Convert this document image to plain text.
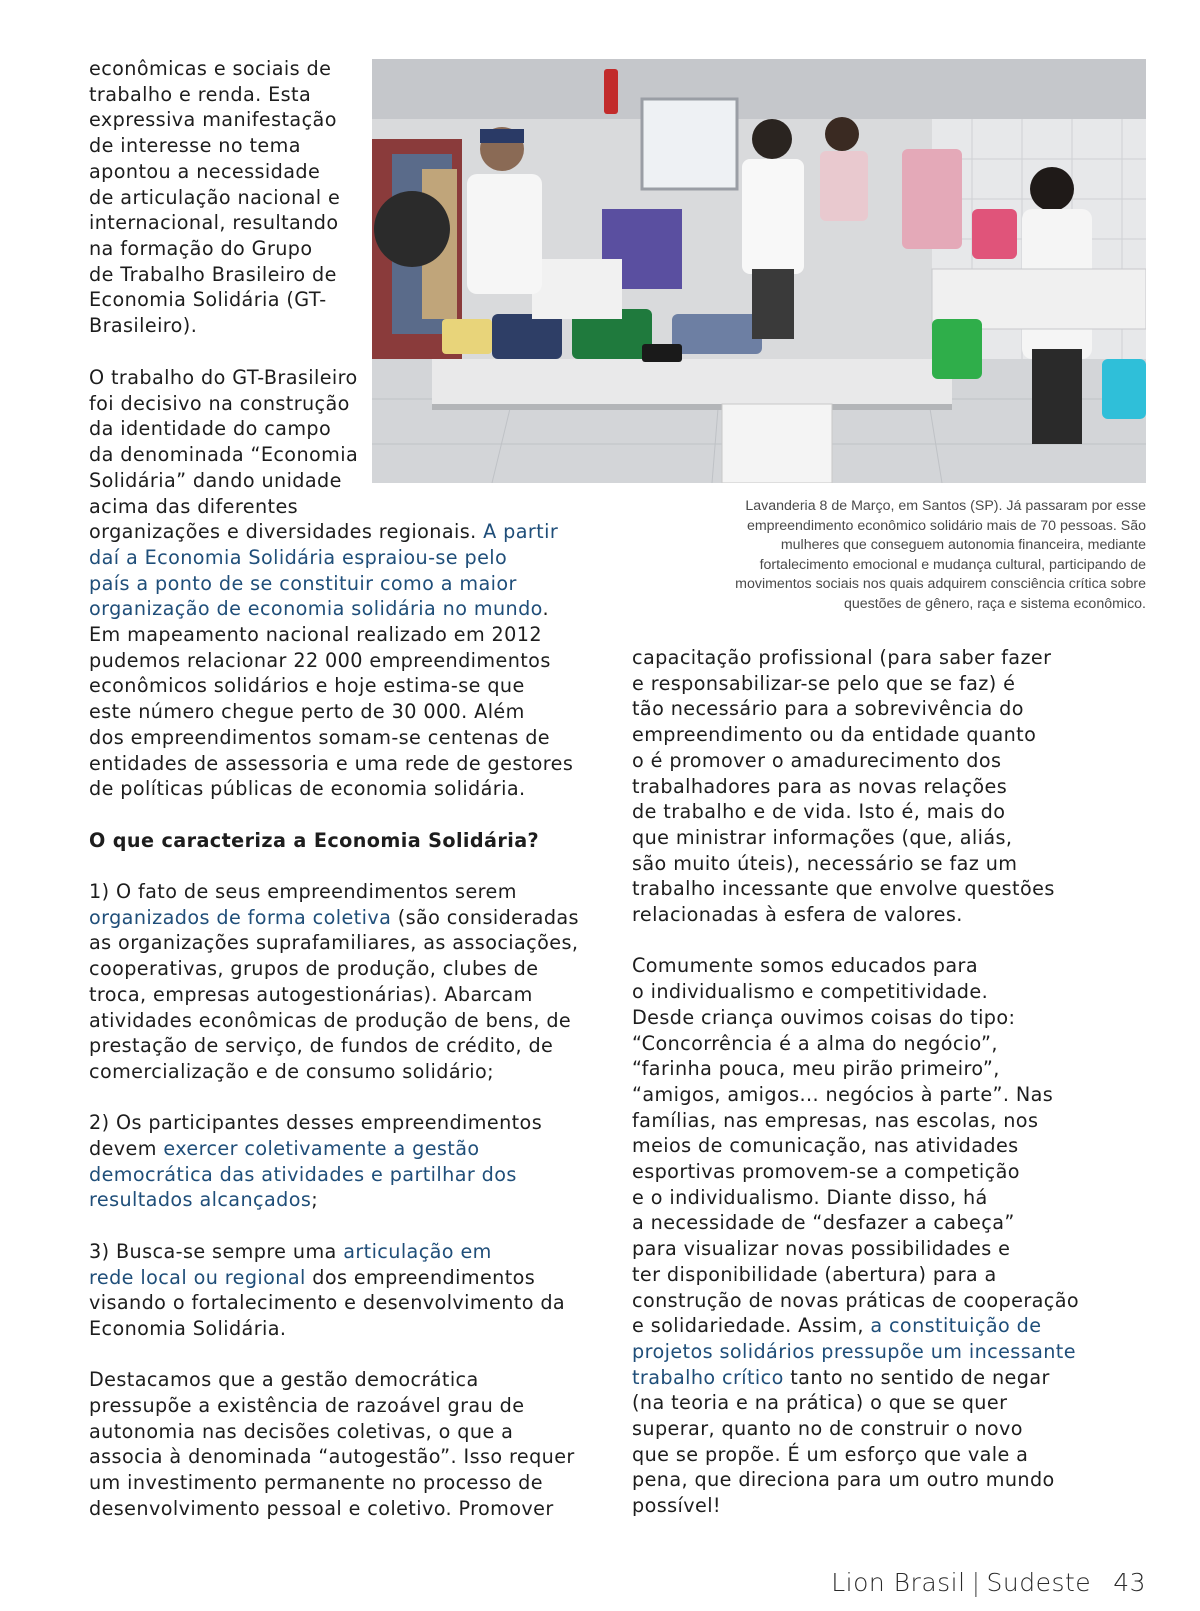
econômicas e sociais de
trabalho e renda. Esta
expressiva manifestação
de interesse no tema
apontou a necessidade
de articulação nacional e
internacional, resultando
na formação do Grupo
de Trabalho Brasileiro de
Economia Solidária (GT-
Brasileiro).
O trabalho do GT-Brasileiro
foi decisivo na construção
da identidade do campo
da denominada “Economia
Solidária” dando unidade
acima das diferentes
organizações e diversidades regionais. A partir
daí a Economia Solidária espraiou-se pelo
país a ponto de se constituir como a maior
organização de economia solidária no mundo.
Em mapeamento nacional realizado em 2012
pudemos relacionar 22 000 empreendimentos
econômicos solidários e hoje estima-se que
este número chegue perto de 30 000. Além
dos empreendimentos somam-se centenas de
entidades de assessoria e uma rede de gestores
de políticas públicas de economia solidária.
O que caracteriza a Economia Solidária?
1) O fato de seus empreendimentos serem
organizados de forma coletiva (são consideradas
as organizações suprafamiliares, as associações,
cooperativas, grupos de produção, clubes de
troca, empresas autogestionárias). Abarcam
atividades econômicas de produção de bens, de
prestação de serviço, de fundos de crédito, de
comercialização e de consumo solidário;
2) Os participantes desses empreendimentos
devem exercer coletivamente a gestão
democrática das atividades e partilhar dos
resultados alcançados;
3) Busca-se sempre uma articulação em
rede local ou regional dos empreendimentos
visando o fortalecimento e desenvolvimento da
Economia Solidária.
Destacamos que a gestão democrática
pressupõe a existência de razoável grau de
autonomia nas decisões coletivas, o que a
associa à denominada “autogestão”. Isso requer
um investimento permanente no processo de
desenvolvimento pessoal e coletivo. Promover
Lavanderia 8 de Março, em Santos (SP). Já passaram por esse
empreendimento econômico solidário mais de 70 pessoas. São
mulheres que conseguem autonomia financeira, mediante
fortalecimento emocional e mudança cultural, participando de
movimentos sociais nos quais adquirem consciência crítica sobre
questões de gênero, raça e sistema econômico.
capacitação profissional (para saber fazer
e responsabilizar-se pelo que se faz) é
tão necessário para a sobrevivência do
empreendimento ou da entidade quanto
o é promover o amadurecimento dos
trabalhadores para as novas relações
de trabalho e de vida. Isto é, mais do
que ministrar informações (que, aliás,
são muito úteis), necessário se faz um
trabalho incessante que envolve questões
relacionadas à esfera de valores.
Comumente somos educados para
o individualismo e competitividade.
Desde criança ouvimos coisas do tipo:
“Concorrência é a alma do negócio”,
“farinha pouca, meu pirão primeiro”,
“amigos, amigos... negócios à parte”. Nas
famílias, nas empresas, nas escolas, nos
meios de comunicação, nas atividades
esportivas promovem-se a competição
e o individualismo. Diante disso, há
a necessidade de “desfazer a cabeça”
para visualizar novas possibilidades e
ter disponibilidade (abertura) para a
construção de novas práticas de cooperação
e solidariedade. Assim, a constituição de
projetos solidários pressupõe um incessante
trabalho crítico tanto no sentido de negar
(na teoria e na prática) o que se quer
superar, quanto no de construir o novo
que se propõe. É um esforço que vale a
pena, que direciona para um outro mundo
possível!
Lion Brasil | Sudeste 43
